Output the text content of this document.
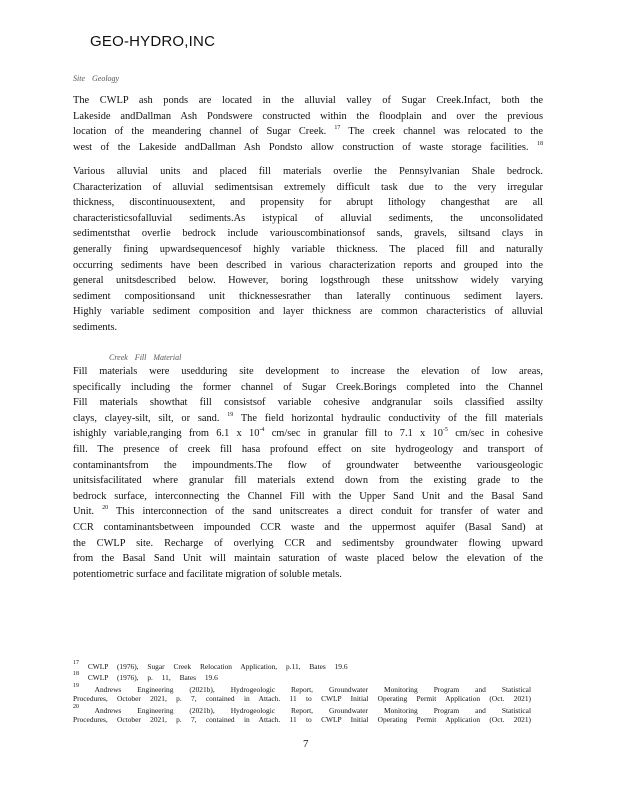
GEO-HYDRO,INC
Site Geology
The CWLP ash ponds are located in the alluvial valley of Sugar Creek.Infact, both the
Lakeside andDallman Ash Pondswere constructed within the floodplain and over the previous
location of the meandering channel of Sugar Creek. $^{17}$ The creek channel was relocated to the
west of the Lakeside andDallman Ash Pondsto allow construction of waste storage facilities. $^{18}$
Various alluvial units and placed fill materials overlie the Pennsylvanian Shale bedrock.
Characterization of alluvial sedimentsisan extremely difficult task due to the very irregular
thickness, discontinuousextent, and propensity for abrupt lithology changesthat are all
characteristicsofalluvial sediments.As istypical of alluvial sediments, the unconsolidated
sedimentsthat overlie bedrock include variouscombinationsof sands, gravels, siltsand clays in
generally fining upwardsequencesof highly variable thickness. The placed fill and naturally
occurring sediments have been described in various characterization reports and grouped into the
general unitsdescribed below. However, boring logsthrough these unitsshow widely varying
sediment compositionsand unit thicknessesrather than laterally continuous sediment layers.
Highly variable sediment composition and layer thickness are common characteristics of alluvial
sediments.
Creek Fill Material
Fill materials were usedduring site development to increase the elevation of low areas,
specifically including the former channel of Sugar Creek.Borings completed into the Channel
Fill materials showthat fill consistsof variable cohesive andgranular soils classified assilty
clays, clayey-silt, silt, or sand. $^{19}$ The field horizontal hydraulic conductivity of the fill materials
ishighly variable,ranging from 6.1 x $10^{-4}$ cm/sec in granular fill to 7.1 x $10^{-5}$ cm/sec in cohesive
fill. The presence of creek fill hasa profound effect on site hydrogeology and transport of
contaminantsfrom the impoundments.The flow of groundwater betweenthe variousgeologic
unitsisfacilitated where granular fill materials extend down from the existing grade to the
bedrock surface, interconnecting the Channel Fill with the Upper Sand Unit and the Basal Sand
Unit. $^{20}$ This interconnection of the sand unitscreates a direct conduit for transfer of water and
CCR contaminantsbetween impounded CCR waste and the uppermost aquifer (Basal Sand) at
the CWLP site. Recharge of overlying CCR and sedimentsby groundwater flowing upward
from the Basal Sand Unit will maintain saturation of waste placed below the elevation of the
potentiometric surface and facilitate migration of soluble metals.
$^{17}$ CWLP (1976), Sugar Creek Relocation Application, p.11, Bates 19.6
$^{18}$ CWLP (1976), p. 11, Bates 19.6
$^{19}$ Andrews Engineering (2021b), Hydrogeologic Report, Groundwater Monitoring Program and Statistical
Procedures, October 2021, p. 7, contained in Attach. 11 to CWLP Initial Operating Permit Application (Oct. 2021)
$^{20}$ Andrews Engineering (2021b), Hydrogeologic Report, Groundwater Monitoring Program and Statistical
Procedures, October 2021, p. 7, contained in Attach. 11 to CWLP Initial Operating Permit Application (Oct. 2021)
7
